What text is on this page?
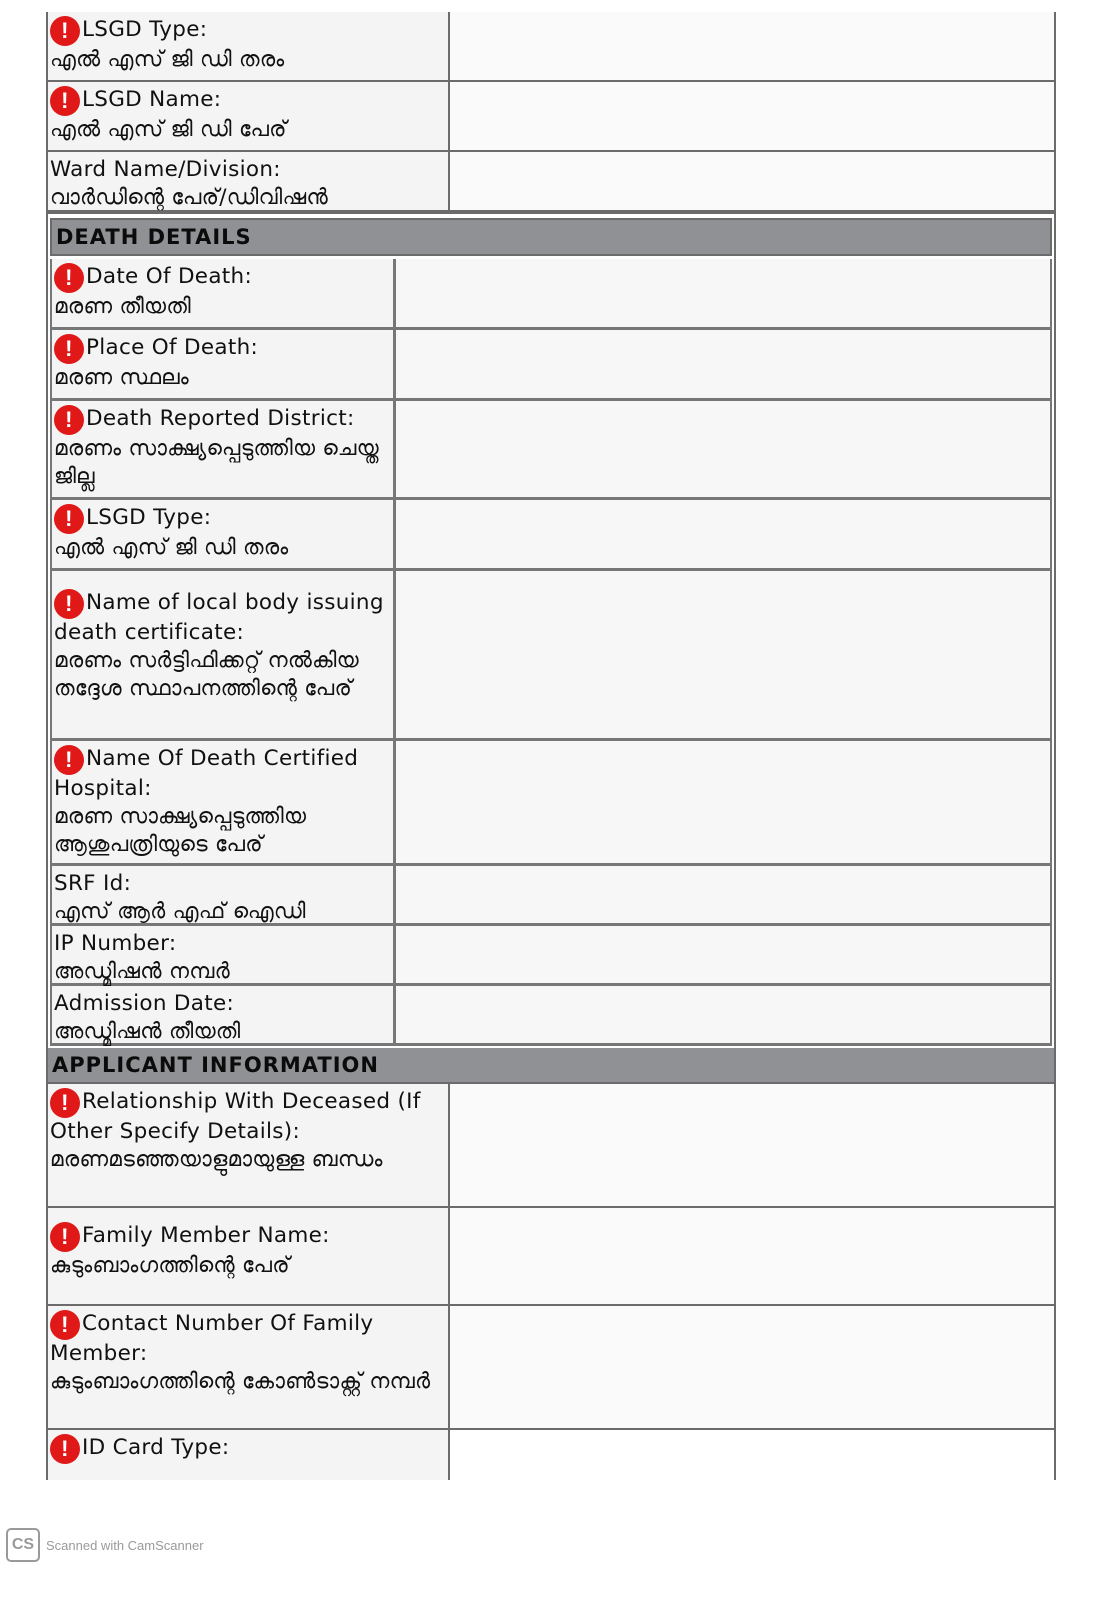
! LSGD Type:
എൽ എസ് ജി ഡി തരം
! LSGD Name:
എൽ എസ് ജി ഡി പേര്
Ward Name/Division:
വാർഡിന്റെ പേര്/ഡിവിഷൻ
DEATH DETAILS
! Date Of Death:
മരണ തീയതി
! Place Of Death:
മരണ സ്ഥലം
! Death Reported District:
മരണം സാക്ഷ്യപ്പെടുത്തിയ ചെയ്ത ജില്ല
! LSGD Type:
എൽ എസ് ജി ഡി തരം
! Name of local body issuing death certificate:
മരണം സർട്ടിഫിക്കറ്റ് നൽകിയ തദ്ദേശ സ്ഥാപനത്തിന്റെ പേര്
! Name Of Death Certified Hospital:
മരണ സാക്ഷ്യപ്പെടുത്തിയ ആശുപത്രിയുടെ പേര്
SRF Id:
എസ് ആർ എഫ് ഐഡി
IP Number:
അഡ്മിഷൻ നമ്പർ
Admission Date:
അഡ്മിഷൻ തീയതി
APPLICANT INFORMATION
! Relationship With Deceased (If Other Specify Details):
മരണമടഞ്ഞയാളുമായുള്ള ബന്ധം
! Family Member Name:
കുടുംബാംഗത്തിന്റെ പേര്
! Contact Number Of Family Member:
കുടുംബാംഗത്തിന്റെ കോൺടാക്റ്റ് നമ്പർ
! ID Card Type:
CS Scanned with CamScanner
